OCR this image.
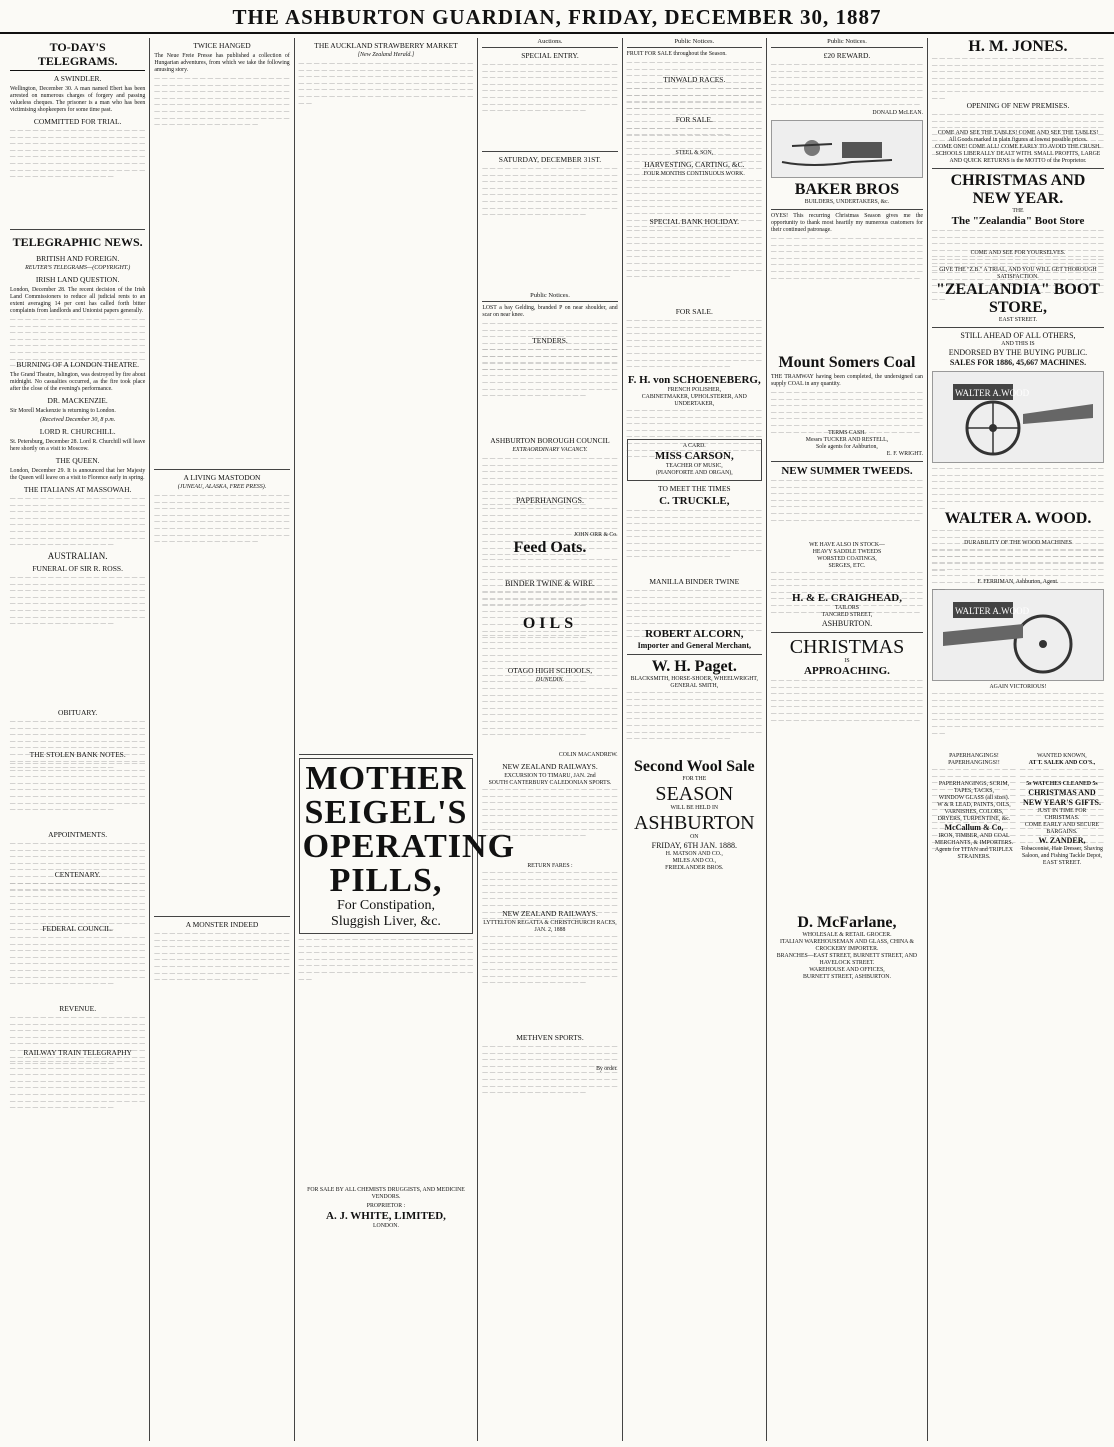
THE ASHBURTON GUARDIAN, FRIDAY, DECEMBER 30, 1887
TO-DAY'S TELEGRAMS.
A SWINDLER.
Wellington, December 30. A man named Ebert has been arrested on numerous charges of forgery and passing valueless cheques. The prisoner is a man who has been victimising shopkeepers for some time past.
COMMITTED FOR TRIAL.
— — —
TELEGRAPHIC NEWS.
BRITISH AND FOREIGN.
REUTER'S TELEGRAMS—(COPYRIGHT.)
IRISH LAND QUESTION.
London, December 28. The recent decision of the Irish Land Commissioners to reduce all judicial rents to an extent averaging 14 per cent has called forth bitter complaints from landlords and Unionist papers generally.
— — —
BURNING OF A LONDON THEATRE.
The Grand Theatre, Islington, was destroyed by fire about midnight. No casualties occurred, as the fire took place after the close of the evening's performance.
DR. MACKENZIE.
Sir Morell Mackenzie is returning to London.
(Received December 30, 8 p.m.
LORD R. CHURCHILL.
St. Petersburg, December 28. Lord R. Churchill will leave here shortly on a visit to Moscow.
THE QUEEN.
London, December 29. It is announced that her Majesty the Queen will leave on a visit to Florence early in spring.
THE ITALIANS AT MASSOWAH.
— — —
AUSTRALIAN.
FUNERAL OF SIR R. ROSS.
— — —
OBITUARY.
— — —
THE STOLEN BANK NOTES.
— — —
APPOINTMENTS.
— — —
CENTENARY.
— — —
FEDERAL COUNCIL.
— — —
REVENUE.
— — —
RAILWAY TRAIN TELEGRAPHY
— — —
TWICE HANGED
The Neue Freie Presse has published a collection of Hungarian adventures, from which we take the following amusing story.
— — —
A LIVING MASTODON
(JUNEAU, ALASKA, FREE PRESS).
— — —
A MONSTER INDEED
— — —
THE AUCKLAND STRAWBERRY MARKET
[New Zealand Herald.]
— — —
MOTHER
SEIGEL'S
OPERATING
PILLS,
For Constipation,
Sluggish Liver, &c.
— — —
FOR SALE BY ALL CHEMISTS DRUGGISTS, AND MEDICINE VENDORS.
PROPRIETOR :
A. J. WHITE, LIMITED,
LONDON.
Auctions.
SPECIAL ENTRY.
— — —
SATURDAY, DECEMBER 31ST.
— — —
Public Notices.
LOST a bay Gelding, branded P on near shoulder, and scar on near knee.
— — —
TENDERS.
— — —
ASHBURTON BOROUGH COUNCIL
EXTRAORDINARY VACANCY.
— — —
PAPERHANGINGS.
— — —
JOHN ORR & Co.
Feed Oats.
— — —
BINDER TWINE & WIRE.
— — —
OILS
— — —
OTAGO HIGH SCHOOLS,
DUNEDIN.
— — —
COLIN MACANDREW.
NEW ZEALAND RAILWAYS.
EXCURSION TO TIMARU, JAN. 2nd
SOUTH CANTERBURY CALEDONIAN SPORTS.
— — —
RETURN FARES :
— — —
NEW ZEALAND RAILWAYS.
LYTTELTON REGATTA & CHRISTCHURCH RACES, JAN. 2, 1888
— — —
METHVEN SPORTS.
— — —
By order.
Public Notices.
FRUIT FOR SALE throughout the Season.
— — —
TINWALD RACES.
— — —
FOR SALE.
— — —
STEEL & SON,
HARVESTING, CARTING, &C.
FOUR MONTHS CONTINUOUS WORK.
— — —
SPECIAL BANK HOLIDAY.
— — —
FOR SALE.
— — —
F. H. von SCHOENEBERG,
FRENCH POLISHER,
CABINETMAKER, UPHOLSTERER, AND UNDERTAKER,
— — —
A CARD.
MISS CARSON,
TEACHER OF MUSIC,
(PIANOFORTE AND ORGAN),
TO MEET THE TIMES
C. TRUCKLE,
— — —
MANILLA BINDER TWINE
— — —
ROBERT ALCORN,
Importer and General Merchant,
W. H. Paget.
BLACKSMITH, HORSE-SHOER, WHEELWRIGHT,
GENERAL SMITH,
— — —
Second Wool Sale
FOR THE
SEASON
WILL BE HELD IN
ASHBURTON
ON
FRIDAY, 6TH JAN. 1888.
H. MATSON AND CO.,
MILES AND CO.,
FRIEDLANDER BROS.
Public Notices.
£20 REWARD.
— — —
DONALD McLEAN.
BAKER BROS
BUILDERS, UNDERTAKERS, &c.
OYES! This recurring Christmas Season gives me the opportunity to thank most heartily my numerous customers for their continued patronage.
— — —
Mount Somers Coal
THE TRAMWAY having been completed, the undersigned can supply COAL in any quantity.
— — —
TERMS CASH.
Messrs TUCKER AND RESTELL,
Sole agents for Ashburton,
E. F. WRIGHT.
NEW SUMMER TWEEDS.
— — —
WE HAVE ALSO IN STOCK—
HEAVY SADDLE TWEEDS
WORSTED COATINGS,
SERGES, ETC.
— — —
H. & E. CRAIGHEAD,
TAILORS
TANCRED STREET,
ASHBURTON.
CHRISTMAS
IS
APPROACHING.
— — —
D. McFarlane,
WHOLESALE & RETAIL GROCER.
ITALIAN WAREHOUSEMAN AND GLASS, CHINA & CROCKERY IMPORTER.
BRANCHES—EAST STREET, BURNETT STREET, AND HAVELOCK STREET.
WAREHOUSE AND OFFICES,
BURNETT STREET, ASHBURTON.
H. M. JONES.
— — —
OPENING OF NEW PREMISES.
— — —
COME AND SEE THE TABLES! COME AND SEE THE TABLES!
All Goods marked in plain figures at lowest possible prices.
COME ONE! COME ALL! COME EARLY TO AVOID THE CRUSH.
SCHOOLS LIBERALLY DEALT WITH. SMALL PROFITS, LARGE AND QUICK RETURNS is the MOTTO of the Proprietor.
CHRISTMAS AND NEW YEAR.
THE
The "Zealandia" Boot Store
— — —
COME AND SEE FOR YOURSELVES.
— — —
GIVE THE "Z.B." A TRIAL, AND YOU WILL GET THOROUGH SATISFACTION.
"ZEALANDIA" BOOT STORE,
EAST STREET.
STILL AHEAD OF ALL OTHERS,
AND THIS IS
ENDORSED BY THE BUYING PUBLIC.
SALES FOR 1886, 45,667 MACHINES.
WALTER A.WOOD
— — —
WALTER A. WOOD.
— — —
DURABILITY OF THE WOOD MACHINES
— — —
F. FERRIMAN, Ashburton, Agent.
WALTER A.WOOD
AGAIN VICTORIOUS!
— — —
PAPERHANGINGS! PAPERHANGINGS!!
— — —
PAPERHANGINGS, SCRIM, TAPES, TACKS,
WINDOW GLASS (all sizes).
W & R LEAD, PAINTS, OILS, VARNISHES, COLORS, DRYERS, TURPENTINE, &c.
McCallum & Co,
IRON, TIMBER, AND COAL MERCHANTS, & IMPORTERS.
Agents for TITAN and TRIPLEX STRAINERS.
WANTED KNOWN,
AT T. SALEK AND CO'S.,
— — —
5s WATCHES CLEANED 5s
CHRISTMAS AND NEW YEAR'S GIFTS.
JUST IN TIME FOR CHRISTMAS.
COME EARLY AND SECURE BARGAINS.
W. ZANDER,
Tobacconist, Hair Dresser, Shaving Saloon, and Fishing Tackle Depot,
EAST STREET.
